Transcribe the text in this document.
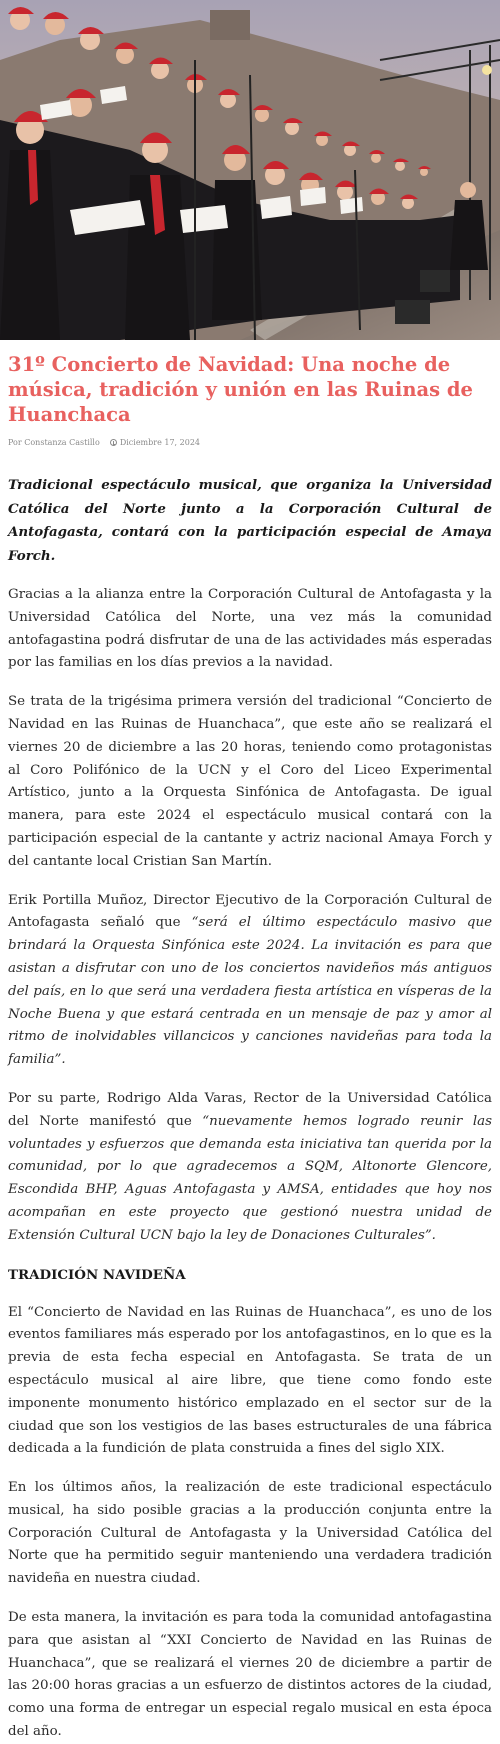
31º Concierto de Navidad: Una noche de música, tradición y unión en las Ruinas de Huanchaca
Por Constanza Castillo	Diciembre 17, 2024

Tradicional espectáculo musical, que organiza la Universidad Católica del Norte junto a la Corporación Cultural de Antofagasta, contará con la participación especial de Amaya Forch.

Gracias a la alianza entre la Corporación Cultural de Antofagasta y la Universidad Católica del Norte, una vez más la comunidad antofagastina podrá disfrutar de una de las actividades más esperadas por las familias en los días previos a la navidad.

Se trata de la trigésima primera versión del tradicional “Concierto de Navidad en las Ruinas de Huanchaca”, que este año se realizará el viernes 20 de diciembre a las 20 horas, teniendo como protagonistas al Coro Polifónico de la UCN y el Coro del Liceo Experimental Artístico, junto a la Orquesta Sinfónica de Antofagasta. De igual manera, para este 2024 el espectáculo musical contará con la participación especial de la cantante y actriz nacional Amaya Forch y del cantante local Cristian San Martín.

Erik Portilla Muñoz, Director Ejecutivo de la Corporación Cultural de Antofagasta señaló que “será el último espectáculo masivo que brindará la Orquesta Sinfónica este 2024. La invitación es para que asistan a disfrutar con uno de los conciertos navideños más antiguos del país, en lo que será una verdadera fiesta artística en vísperas de la Noche Buena y que estará centrada en un mensaje de paz y amor al ritmo de inolvidables villancicos y canciones navideñas para toda la familia”.

Por su parte, Rodrigo Alda Varas, Rector de la Universidad Católica del Norte manifestó que “nuevamente hemos logrado reunir las voluntades y esfuerzos que demanda esta iniciativa tan querida por la comunidad, por lo que agradecemos a SQM, Altonorte Glencore, Escondida BHP, Aguas Antofagasta y AMSA, entidades que hoy nos acompañan en este proyecto que gestionó nuestra unidad de Extensión Cultural UCN bajo la ley de Donaciones Culturales”.

TRADICIÓN NAVIDEÑA

El “Concierto de Navidad en las Ruinas de Huanchaca”, es uno de los eventos familiares más esperado por los antofagastinos, en lo que es la previa de esta fecha especial en Antofagasta. Se trata de un espectáculo musical al aire libre, que tiene como fondo este imponente monumento histórico emplazado en el sector sur de la ciudad que son los vestigios de las bases estructurales de una fábrica dedicada a la fundición de plata construida a fines del siglo XIX.

En los últimos años, la realización de este tradicional espectáculo musical, ha sido posible gracias a la producción conjunta entre la Corporación Cultural de Antofagasta y la Universidad Católica del Norte que ha permitido seguir manteniendo una verdadera tradición navideña en nuestra ciudad.

De esta manera, la invitación es para toda la comunidad antofagastina para que asistan al “XXI Concierto de Navidad en las Ruinas de Huanchaca”, que se realizará el viernes 20 de diciembre a partir de las 20:00 horas gracias a un esfuerzo de distintos actores de la ciudad, como una forma de entregar un especial regalo musical en esta época del año.
